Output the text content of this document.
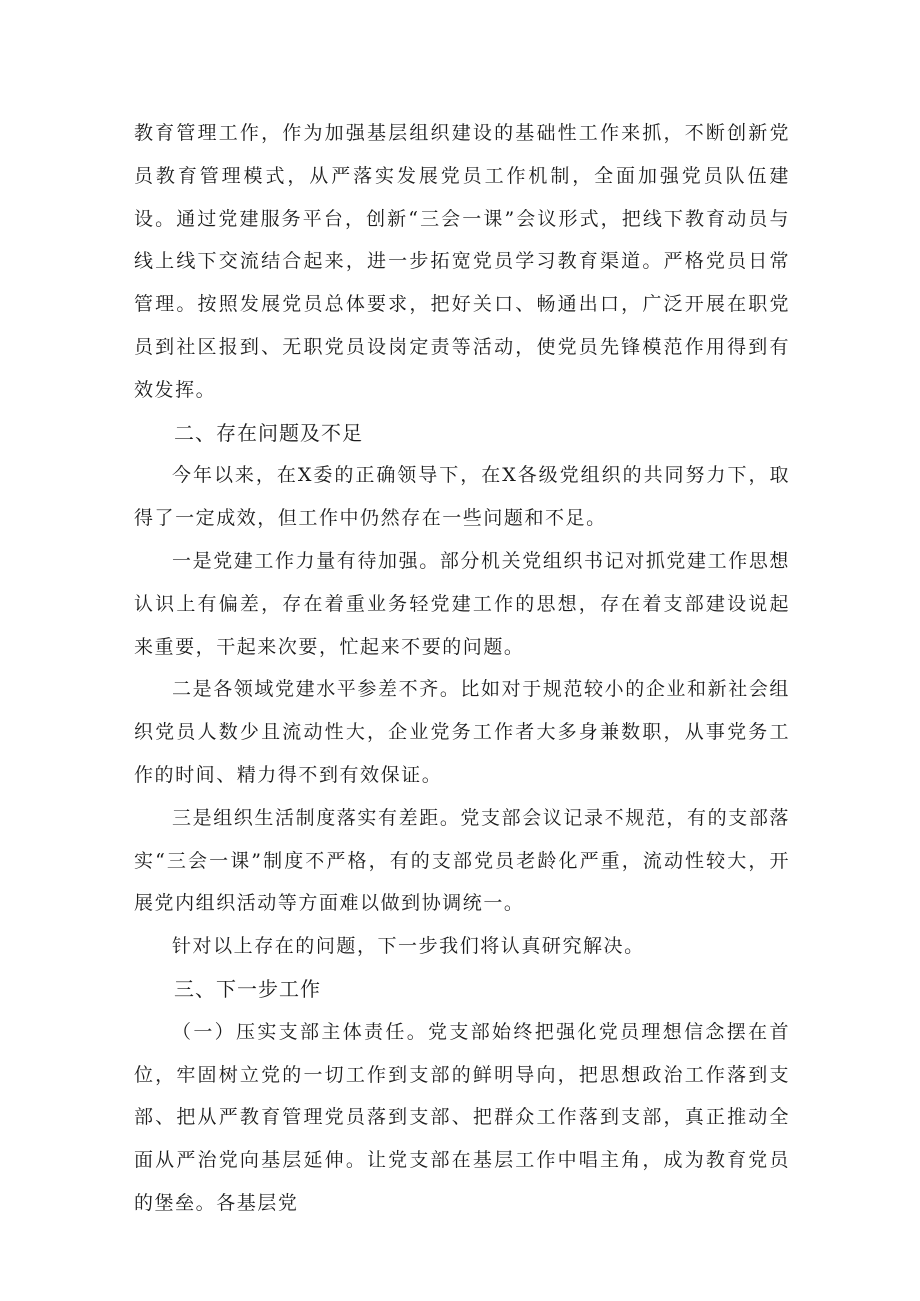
教育管理工作，作为加强基层组织建设的基础性工作来抓，不断创新党员教育管理模式，从严落实发展党员工作机制，全面加强党员队伍建设。通过党建服务平台，创新“三会一课”会议形式，把线下教育动员与线上线下交流结合起来，进一步拓宽党员学习教育渠道。严格党员日常管理。按照发展党员总体要求，把好关口、畅通出口，广泛开展在职党员到社区报到、无职党员设岗定责等活动，使党员先锋模范作用得到有效发挥。

二、存在问题及不足

今年以来，在X委的正确领导下，在X各级党组织的共同努力下，取得了一定成效，但工作中仍然存在一些问题和不足。

一是党建工作力量有待加强。部分机关党组织书记对抓党建工作思想认识上有偏差，存在着重业务轻党建工作的思想，存在着支部建设说起来重要，干起来次要，忙起来不要的问题。

二是各领域党建水平参差不齐。比如对于规范较小的企业和新社会组织党员人数少且流动性大，企业党务工作者大多身兼数职，从事党务工作的时间、精力得不到有效保证。

三是组织生活制度落实有差距。党支部会议记录不规范，有的支部落实“三会一课”制度不严格，有的支部党员老龄化严重，流动性较大，开展党内组织活动等方面难以做到协调统一。

针对以上存在的问题，下一步我们将认真研究解决。

三、下一步工作

（一）压实支部主体责任。党支部始终把强化党员理想信念摆在首位，牢固树立党的一切工作到支部的鲜明导向，把思想政治工作落到支部、把从严教育管理党员落到支部、把群众工作落到支部，真正推动全面从严治党向基层延伸。让党支部在基层工作中唱主角，成为教育党员的堡垒。各基层党
